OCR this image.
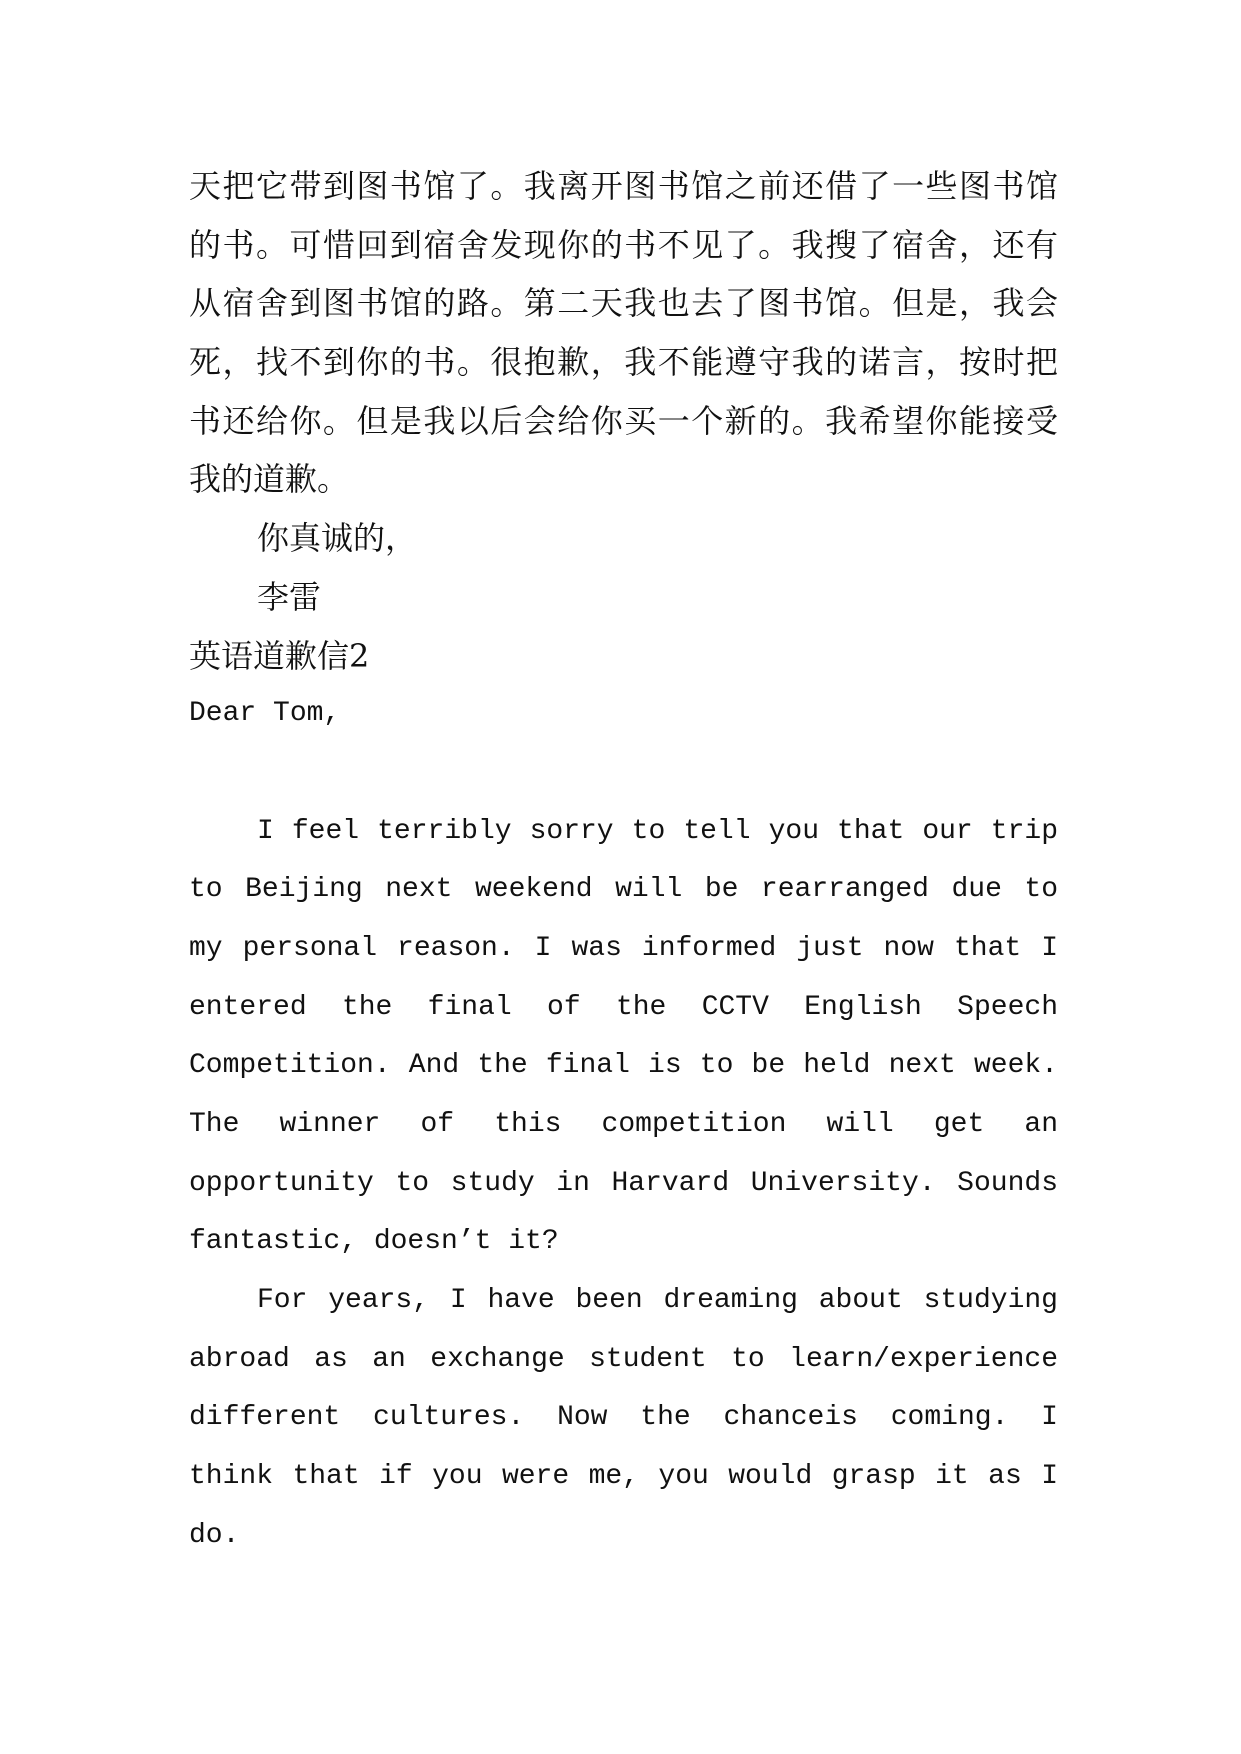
天把它带到图书馆了。我离开图书馆之前还借了一些图书馆

的书。可惜回到宿舍发现你的书不见了。我搜了宿舍，还有

从宿舍到图书馆的路。第二天我也去了图书馆。但是，我会

死，找不到你的书。很抱歉，我不能遵守我的诺言，按时把

书还给你。但是我以后会给你买一个新的。我希望你能接受

我的道歉。

你真诚的，

李雷

英语道歉信2

Dear Tom,

I feel terribly sorry to tell you that our trip

to Beijing next weekend will be rearranged due to

my personal reason. I was informed just now that I

entered the final of the CCTV English Speech

Competition. And the final is to be held next week.

The winner of this competition will get an

opportunity to study in Harvard University. Sounds

fantastic, doesn’t it?

For years, I have been dreaming about studying

abroad as an exchange student to learn/experience

different cultures. Now the chanceis coming. I

think that if you were me, you would grasp it as I

do.
